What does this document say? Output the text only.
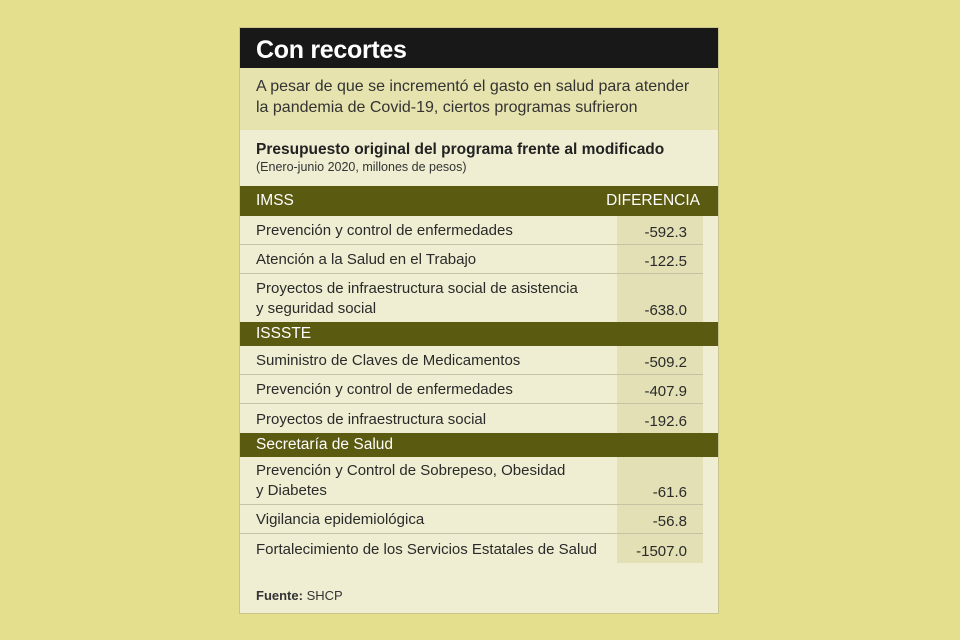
Con recortes
A pesar de que se incrementó el gasto en salud para atender
la pandemia de Covid-19, ciertos programas sufrieron
Presupuesto original del programa frente al modificado
(Enero-junio 2020, millones de pesos)
IMSS	DIFERENCIA
Prevención y control de enfermedades	-592.3
Atención a la Salud en el Trabajo	-122.5
Proyectos de infraestructura social de asistencia
y seguridad social	-638.0
ISSSTE
Suministro de Claves de Medicamentos	-509.2
Prevención y control de enfermedades	-407.9
Proyectos de infraestructura social	-192.6
Secretaría de Salud
Prevención y Control de Sobrepeso, Obesidad
y Diabetes	-61.6
Vigilancia epidemiológica	-56.8
Fortalecimiento de los Servicios Estatales de Salud	-1507.0
Fuente: SHCP
